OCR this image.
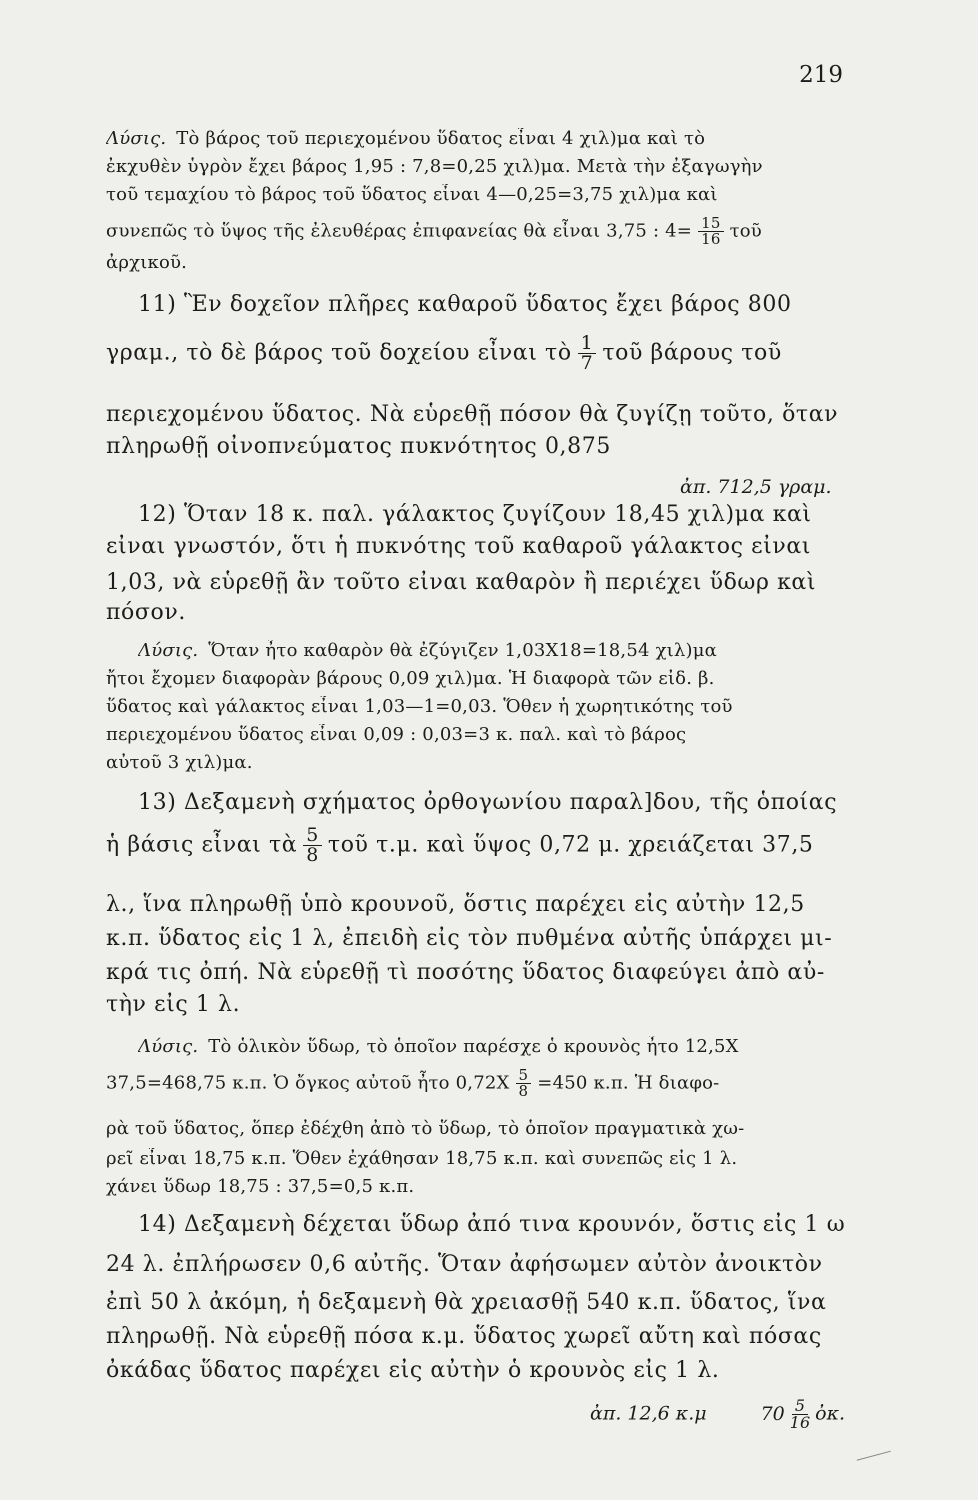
219
Λύσις. Τὸ βάρος τοῦ περιεχομένου ὕδατος εἶναι 4 χιλ)μα καὶ τὸ
ἐκχυθὲν ὑγρὸν ἔχει βάρος 1,95 : 7,8=0,25 χιλ)μα. Μετὰ τὴν ἐξαγωγὴν
τοῦ τεμαχίου τὸ βάρος τοῦ ὕδατος εἶναι 4—0,25=3,75 χιλ)μα καὶ
συνεπῶς τὸ ὕψος τῆς ἐλευθέρας ἐπιφανείας θὰ εἶναι 3,75 : $4= \frac{15}{16}$ τοῦ
ἀρχικοῦ.
11) Ἓν δοχεῖον πλῆρες καθαροῦ ὕδατος ἔχει βάρος 800
γραμ., τὸ δὲ βάρος τοῦ δοχείου εἶναι τὸ $\frac{1}{7}$ τοῦ βάρους τοῦ
περιεχομένου ὕδατος. Νὰ εὑρεθῇ πόσον θὰ ζυγίζῃ τοῦτο, ὅταν
πληρωθῇ οἰνοπνεύματος πυκνότητος 0,875
ἀπ. 712,5 γραμ.
12) Ὅταν 18 κ. παλ. γάλακτος ζυγίζουν 18,45 χιλ)μα καὶ
εἶναι γνωστόν, ὅτι ἡ πυκνότης τοῦ καθαροῦ γάλακτος εἶναι
1,03, νὰ εὑρεθῇ ἂν τοῦτο εἶναι καθαρὸν ἢ περιέχει ὕδωρ καὶ
πόσον.
Λύσις. Ὅταν ἦτο καθαρὸν θὰ ἐζύγιζεν 1,03X18=18,54 χιλ)μα
ἤτοι ἔχομεν διαφορὰν βάρους 0,09 χιλ)μα. Ἡ διαφορὰ τῶν εἰδ. β.
ὕδατος καὶ γάλακτος εἶναι 1,03—1=0,03. Ὅθεν ἡ χωρητικότης τοῦ
περιεχομένου ὕδατος εἶναι 0,09 : 0,03=3 κ. παλ. καὶ τὸ βάρος
αὐτοῦ 3 χιλ)μα.
13) Δεξαμενὴ σχήματος ὀρθογωνίου παραλ]δου, τῆς ὁποίας
ἡ βάσις εἶναι τὰ $\frac{5}{8}$ τοῦ τ.μ. καὶ ὕψος 0,72 μ. χρειάζεται 37,5
λ., ἵνα πληρωθῇ ὑπὸ κρουνοῦ, ὅστις παρέχει εἰς αὐτὴν 12,5
κ.π. ὕδατος εἰς 1 λ, ἐπειδὴ εἰς τὸν πυθμένα αὐτῆς ὑπάρχει μι-
κρά τις ὀπή. Νὰ εὑρεθῇ τὶ ποσότης ὕδατος διαφεύγει ἀπὸ αὐ-
τὴν εἰς 1 λ.
Λύσις. Τὸ ὁλικὸν ὕδωρ, τὸ ὁποῖον παρέσχε ὁ κρουνὸς ἦτο 12,5X
37,5=468,75 κ.π. Ὁ ὄγκος αὐτοῦ ἦτο $0,72X \frac{5}{8} =450$ κ.π. Ἡ διαφο-
ρὰ τοῦ ὕδατος, ὅπερ ἐδέχθη ἀπὸ τὸ ὕδωρ, τὸ ὁποῖον πραγματικὰ χω-
ρεῖ εἶναι 18,75 κ.π. Ὅθεν ἐχάθησαν 18,75 κ.π. καὶ συνεπῶς εἰς 1 λ.
χάνει ὕδωρ 18,75 : 37,5=0,5 κ.π.
14) Δεξαμενὴ δέχεται ὕδωρ ἀπό τινα κρουνόν, ὅστις εἰς 1 ω
24 λ. ἐπλήρωσεν 0,6 αὐτῆς. Ὅταν ἀφήσωμεν αὐτὸν ἀνοικτὸν
ἐπὶ 50 λ ἀκόμη, ἡ δεξαμενὴ θὰ χρειασθῇ 540 κ.π. ὕδατος, ἵνα
πληρωθῇ. Νὰ εὑρεθῇ πόσα κ.μ. ὕδατος χωρεῖ αὔτη καὶ πόσας
ὀκάδας ὕδατος παρέχει εἰς αὐτὴν ὁ κρουνὸς εἰς 1 λ.
ἀπ. 12,6 κ.μ	$70 \frac{5}{16}$ ὀκ.
